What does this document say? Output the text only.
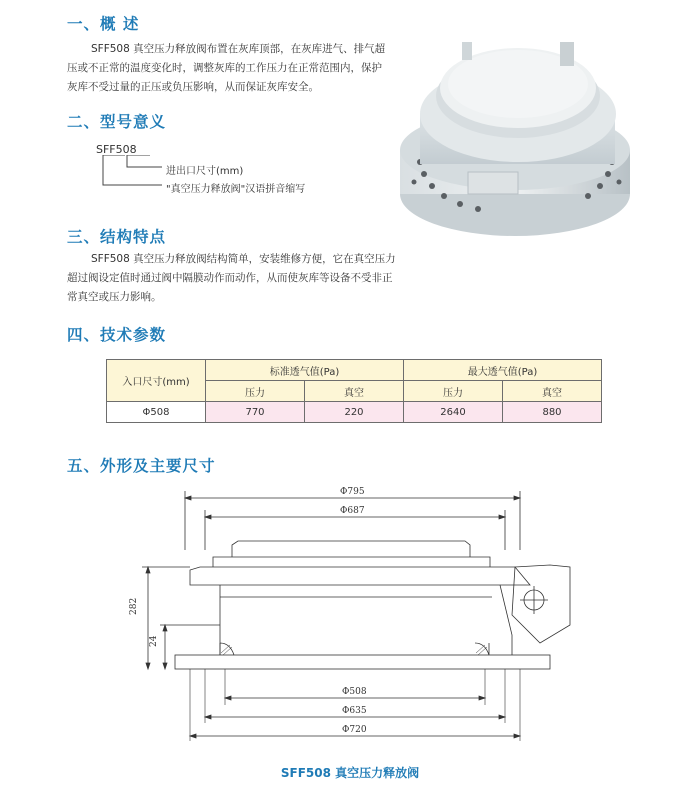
一、概 述
SFF508 真空压力释放阀布置在灰库顶部，在灰库进气、排气超
压或不正常的温度变化时，调整灰库的工作压力在正常范围内，保护
灰库不受过量的正压或负压影响，从而保证灰库安全。
二、型号意义
SFF508
进出口尺寸(mm)
"真空压力释放阀"汉语拼音缩写
三、结构特点
SFF508 真空压力释放阀结构简单，安装维修方便，它在真空压力
超过阀设定值时通过阀中隔膜动作而动作，从而使灰库等设备不受非正
常真空或压力影响。
四、技术参数
入口尺寸(mm)	标准透气值(Pa)		最大透气值(Pa)	
	压力	真空	压力	真空
Φ508	770	220	2640	880
五、外形及主要尺寸
Φ795
Φ687
282
24
Φ508
Φ635
Φ720
SFF508 真空压力释放阀
